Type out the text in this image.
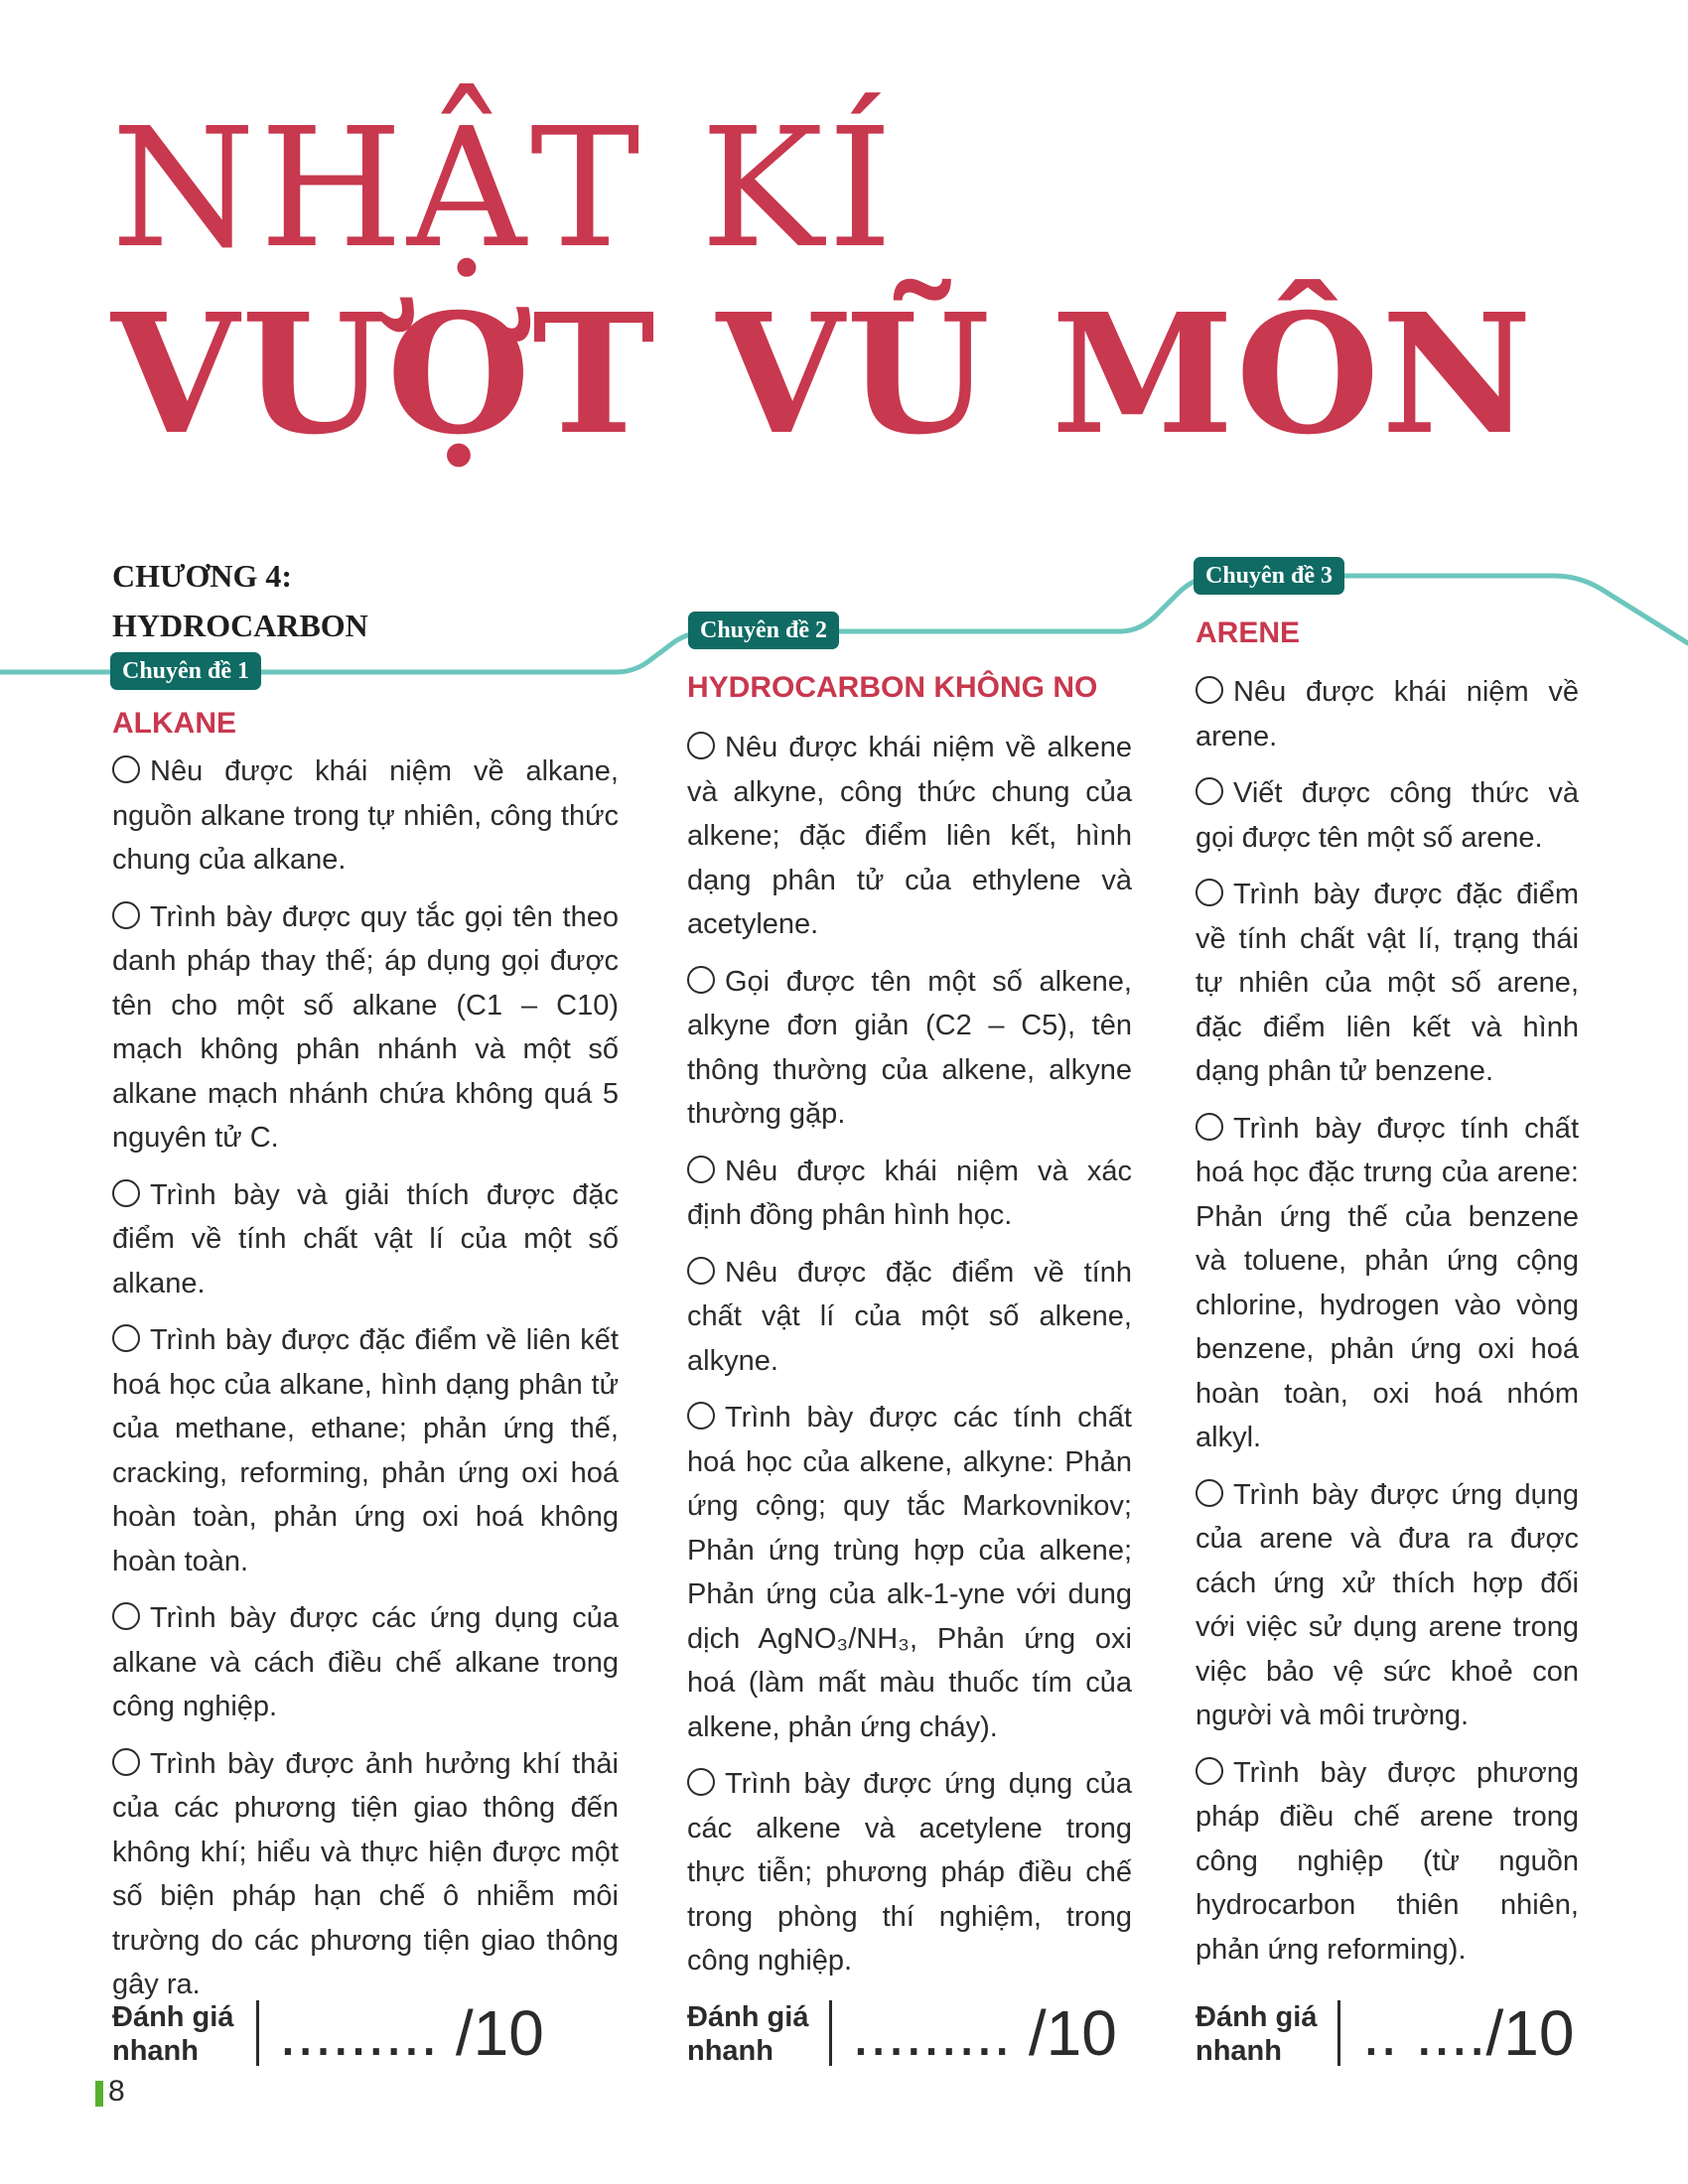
NHẬT KÍ
VƯỢT VŨ MÔN
CHƯƠNG 4:
HYDROCARBON
Chuyên đề 1
Chuyên đề 2
Chuyên đề 3
ALKANE
HYDROCARBON KHÔNG NO
ARENE
Nêu được khái niệm về alkane, nguồn alkane trong tự nhiên, công thức chung của alkane.
Trình bày được quy tắc gọi tên theo danh pháp thay thế; áp dụng gọi được tên cho một số alkane (C1 – C10) mạch không phân nhánh và một số alkane mạch nhánh chứa không quá 5 nguyên tử C.
Trình bày và giải thích được đặc điểm về tính chất vật lí của một số alkane.
Trình bày được đặc điểm về liên kết hoá học của alkane, hình dạng phân tử của methane, ethane; phản ứng thế, cracking, reforming, phản ứng oxi hoá hoàn toàn, phản ứng oxi hoá không hoàn toàn.
Trình bày được các ứng dụng của alkane và cách điều chế alkane trong công nghiệp.
Trình bày được ảnh hưởng khí thải của các phương tiện giao thông đến không khí; hiểu và thực hiện được một số biện pháp hạn chế ô nhiễm môi trường do các phương tiện giao thông gây ra.
Nêu được khái niệm về alkene và alkyne, công thức chung của alkene; đặc điểm liên kết, hình dạng phân tử của ethylene và acetylene.
Gọi được tên một số alkene, alkyne đơn giản (C2 – C5), tên thông thường của alkene, alkyne thường gặp.
Nêu được khái niệm và xác định đồng phân hình học.
Nêu được đặc điểm về tính chất vật lí của một số alkene, alkyne.
Trình bày được các tính chất hoá học của alkene, alkyne: Phản ứng cộng; quy tắc Markovnikov; Phản ứng trùng hợp của alkene; Phản ứng của alk-1-yne với dung dịch AgNO₃/NH₃, Phản ứng oxi hoá (làm mất màu thuốc tím của alkene, phản ứng cháy).
Trình bày được ứng dụng của các alkene và acetylene trong thực tiễn; phương pháp điều chế trong phòng thí nghiệm, trong công nghiệp.
Nêu được khái niệm về arene.
Viết được công thức và gọi được tên một số arene.
Trình bày được đặc điểm về tính chất vật lí, trạng thái tự nhiên của một số arene, đặc điểm liên kết và hình dạng phân tử benzene.
Trình bày được tính chất hoá học đặc trưng của arene: Phản ứng thế của benzene và toluene, phản ứng cộng chlorine, hydrogen vào vòng benzene, phản ứng oxi hoá hoàn toàn, oxi hoá nhóm alkyl.
Trình bày được ứng dụng của arene và đưa ra được cách ứng xử thích hợp đối với việc sử dụng arene trong việc bảo vệ sức khoẻ con người và môi trường.
Trình bày được phương pháp điều chế arene trong công nghiệp (từ nguồn hydrocarbon thiên nhiên, phản ứng reforming).
Đánh giá nhanh	......... /10	Đánh giá nhanh	......... /10	Đánh giá nhanh	.. ..../10
8
